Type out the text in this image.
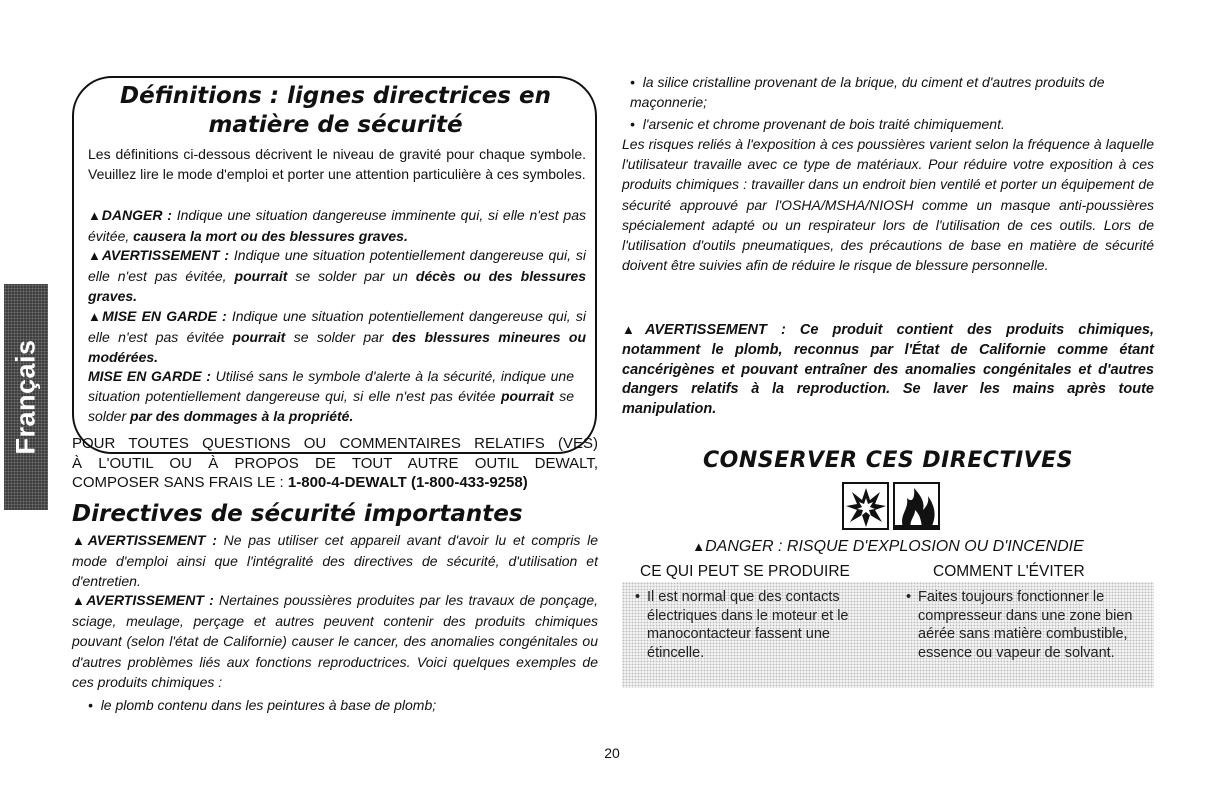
Français
Définitions : lignes directrices en matière de sécurité
Les définitions ci-dessous décrivent le niveau de gravité pour chaque symbole. Veuillez lire le mode d'emploi et porter une attention particulière à ces symboles.
▲DANGER : Indique une situation dangereuse imminente qui, si elle n'est pas évitée, causera la mort ou des blessures graves.
▲AVERTISSEMENT : Indique une situation potentiellement dangereuse qui, si elle n'est pas évitée, pourrait se solder par un décès ou des blessures graves.
▲MISE EN GARDE : Indique une situation potentiellement dangereuse qui, si elle n'est pas évitée pourrait se solder par des blessures mineures ou modérées.
MISE EN GARDE : Utilisé sans le symbole d'alerte à la sécurité, indique une situation potentiellement dangereuse qui, si elle n'est pas évitée pourrait se solder par des dommages à la propriété.
POUR TOUTES QUESTIONS OU COMMENTAIRES RELATIFS (VES)
À L'OUTIL OU À PROPOS DE TOUT AUTRE OUTIL DEWALT,
COMPOSER SANS FRAIS LE : 1-800-4-DEWALT (1-800-433-9258)
Directives de sécurité importantes
▲AVERTISSEMENT : Ne pas utiliser cet appareil avant d'avoir lu et compris le mode d'emploi ainsi que l'intégralité des directives de sécurité, d'utilisation et d'entretien.
▲AVERTISSEMENT : Nertaines poussières produites par les travaux de ponçage, sciage, meulage, perçage et autres peuvent contenir des produits chimiques pouvant (selon l'état de Californie) causer le cancer, des anomalies congénitales ou d'autres problèmes liés aux fonctions reproductrices. Voici quelques exemples de ces produits chimiques :
• le plomb contenu dans les peintures à base de plomb;
• la silice cristalline provenant de la brique, du ciment et d'autres produits de maçonnerie;
• l'arsenic et chrome provenant de bois traité chimiquement.
Les risques reliés à l'exposition à ces poussières varient selon la fréquence à laquelle l'utilisateur travaille avec ce type de matériaux. Pour réduire votre exposition à ces produits chimiques : travailler dans un endroit bien ventilé et porter un équipement de sécurité approuvé par l'OSHA/MSHA/NIOSH comme un masque anti-poussières spécialement adapté ou un respirateur lors de l'utilisation de ces outils. Lors de l'utilisation d'outils pneumatiques, des précautions de base en matière de sécurité doivent être suivies afin de réduire le risque de blessure personnelle.
▲AVERTISSEMENT : Ce produit contient des produits chimiques, notamment le plomb, reconnus par l'État de Californie comme étant cancérigènes et pouvant entraîner des anomalies congénitales et d'autres dangers relatifs à la reproduction. Se laver les mains après toute manipulation.
CONSERVER CES DIRECTIVES
▲DANGER : RISQUE D'EXPLOSION OU D'INCENDIE
CE QUI PEUT SE PRODUIRE	COMMENT L'ÉVITER
• Il est normal que des contacts électriques dans le moteur et le manocontacteur fassent une étincelle.
• Faites toujours fonctionner le compresseur dans une zone bien aérée sans matière combustible, essence ou vapeur de solvant.
20
